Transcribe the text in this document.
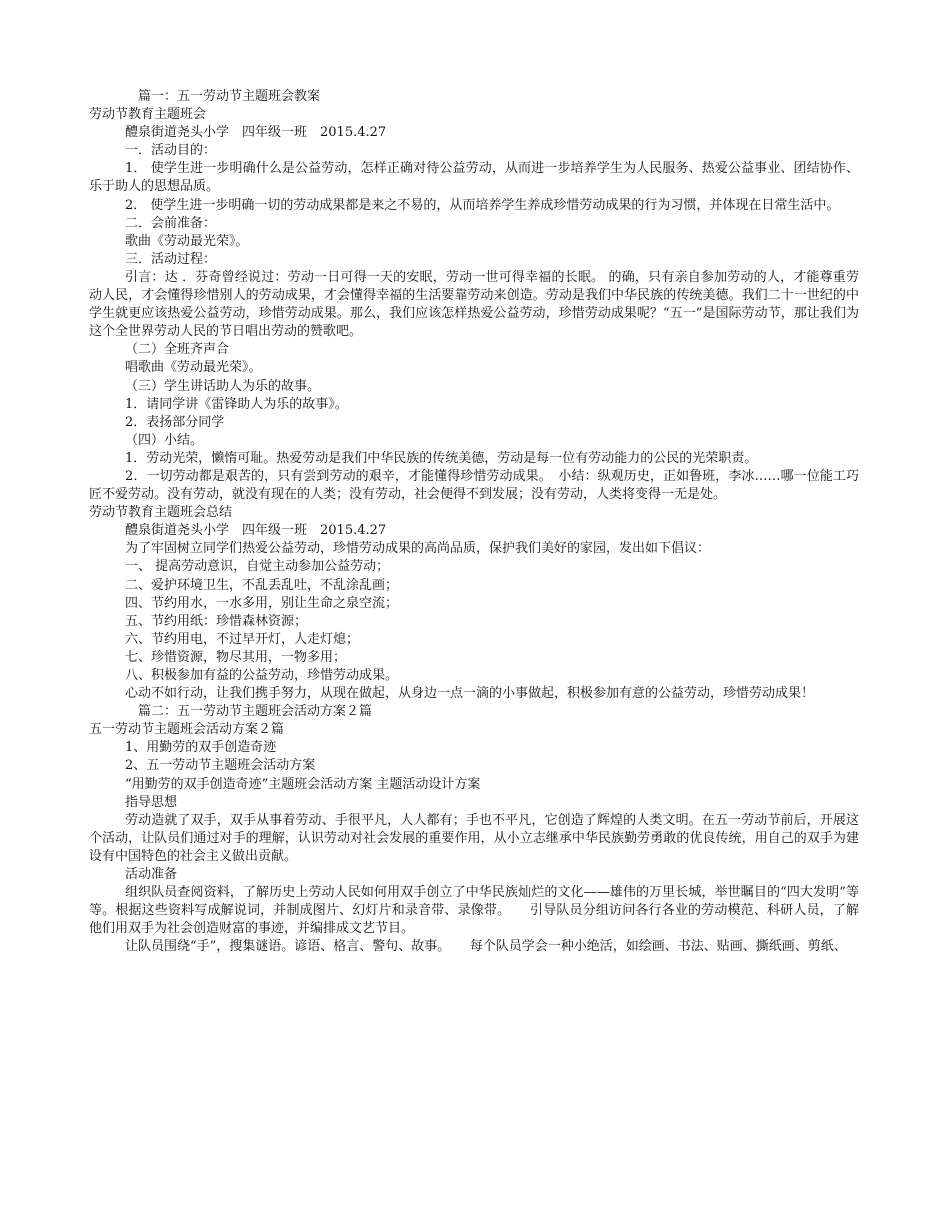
　篇一：五一劳动节主题班会教案

劳动节教育主题班会

醴泉街道尧头小学　四年级一班　2015.4.27

一．活动目的：

1． 使学生进一步明确什么是公益劳动，怎样正确对待公益劳动，从而进一步培养学生为人民服务、热爱公益事业、团结协作、乐于助人的思想品质。

2． 使学生进一步明确一切的劳动成果都是来之不易的，从而培养学生养成珍惜劳动成果的行为习惯，并体现在日常生活中。

二．会前准备：

歌曲《劳动最光荣》。

三．活动过程：

引言：达 ．芬奇曾经说过：劳动一日可得一天的安眠，劳动一世可得幸福的长眠。 的确，只有亲自参加劳动的人，才能尊重劳动人民，才会懂得珍惜别人的劳动成果，才会懂得幸福的生活要靠劳动来创造。劳动是我们中华民族的传统美德。我们二十一世纪的中学生就更应该热爱公益劳动，珍惜劳动成果。那么，我们应该怎样热爱公益劳动，珍惜劳动成果呢？“五一”是国际劳动节，那让我们为这个全世界劳动人民的节日唱出劳动的赞歌吧。

（二）全班齐声合

唱歌曲《劳动最光荣》。

（三）学生讲话助人为乐的故事。

1．请同学讲《雷锋助人为乐的故事》。

2．表扬部分同学

（四）小结。

1．劳动光荣，懒惰可耻。热爱劳动是我们中华民族的传统美德，劳动是每一位有劳动能力的公民的光荣职责。

2．一切劳动都是艰苦的，只有尝到劳动的艰辛，才能懂得珍惜劳动成果。　小结：纵观历史，正如鲁班，李冰……哪一位能工巧匠不爱劳动。没有劳动，就没有现在的人类；没有劳动，社会便得不到发展；没有劳动，人类将变得一无是处。

劳动节教育主题班会总结

醴泉街道尧头小学　四年级一班　2015.4.27

为了牢固树立同学们热爱公益劳动，珍惜劳动成果的高尚品质，保护我们美好的家园，发出如下倡议：

一、 提高劳动意识，自觉主动参加公益劳动；

二、爱护环境卫生，不乱丢乱吐，不乱涂乱画；

四、节约用水，一水多用，别让生命之泉空流；

五、节约用纸：珍惜森林资源；

六、节约用电，不过早开灯，人走灯熄；

七、珍惜资源，物尽其用，一物多用；

八、积极参加有益的公益劳动，珍惜劳动成果。

心动不如行动，让我们携手努力，从现在做起，从身边一点一滴的小事做起，积极参加有意的公益劳动，珍惜劳动成果！

　篇二：五一劳动节主题班会活动方案２篇

五一劳动节主题班会活动方案２篇

1、用勤劳的双手创造奇迹

2、五一劳动节主题班会活动方案

“用勤劳的双手创造奇迹”主题班会活动方案 主题活动设计方案

指导思想

劳动造就了双手，双手从事着劳动、手很平凡，人人都有；手也不平凡，它创造了辉煌的人类文明。在五一劳动节前后，开展这个活动，让队员们通过对手的理解，认识劳动对社会发展的重要作用，从小立志继承中华民族勤劳勇敢的优良传统，用自己的双手为建设有中国特色的社会主义做出贡献。

活动准备

组织队员查阅资料，了解历史上劳动人民如何用双手创立了中华民族灿烂的文化——雄伟的万里长城，举世瞩目的“四大发明”等等。根据这些资料写成解说词，并制成图片、幻灯片和录音带、录像带。　　引导队员分组访问各行各业的劳动模范、科研人员，了解他们用双手为社会创造财富的事迹，并编排成文艺节目。

让队员围绕“手”，搜集谜语。谚语、格言、警句、故事。　　每个队员学会一种小绝活，如绘画、书法、贴画、撕纸画、剪纸、
